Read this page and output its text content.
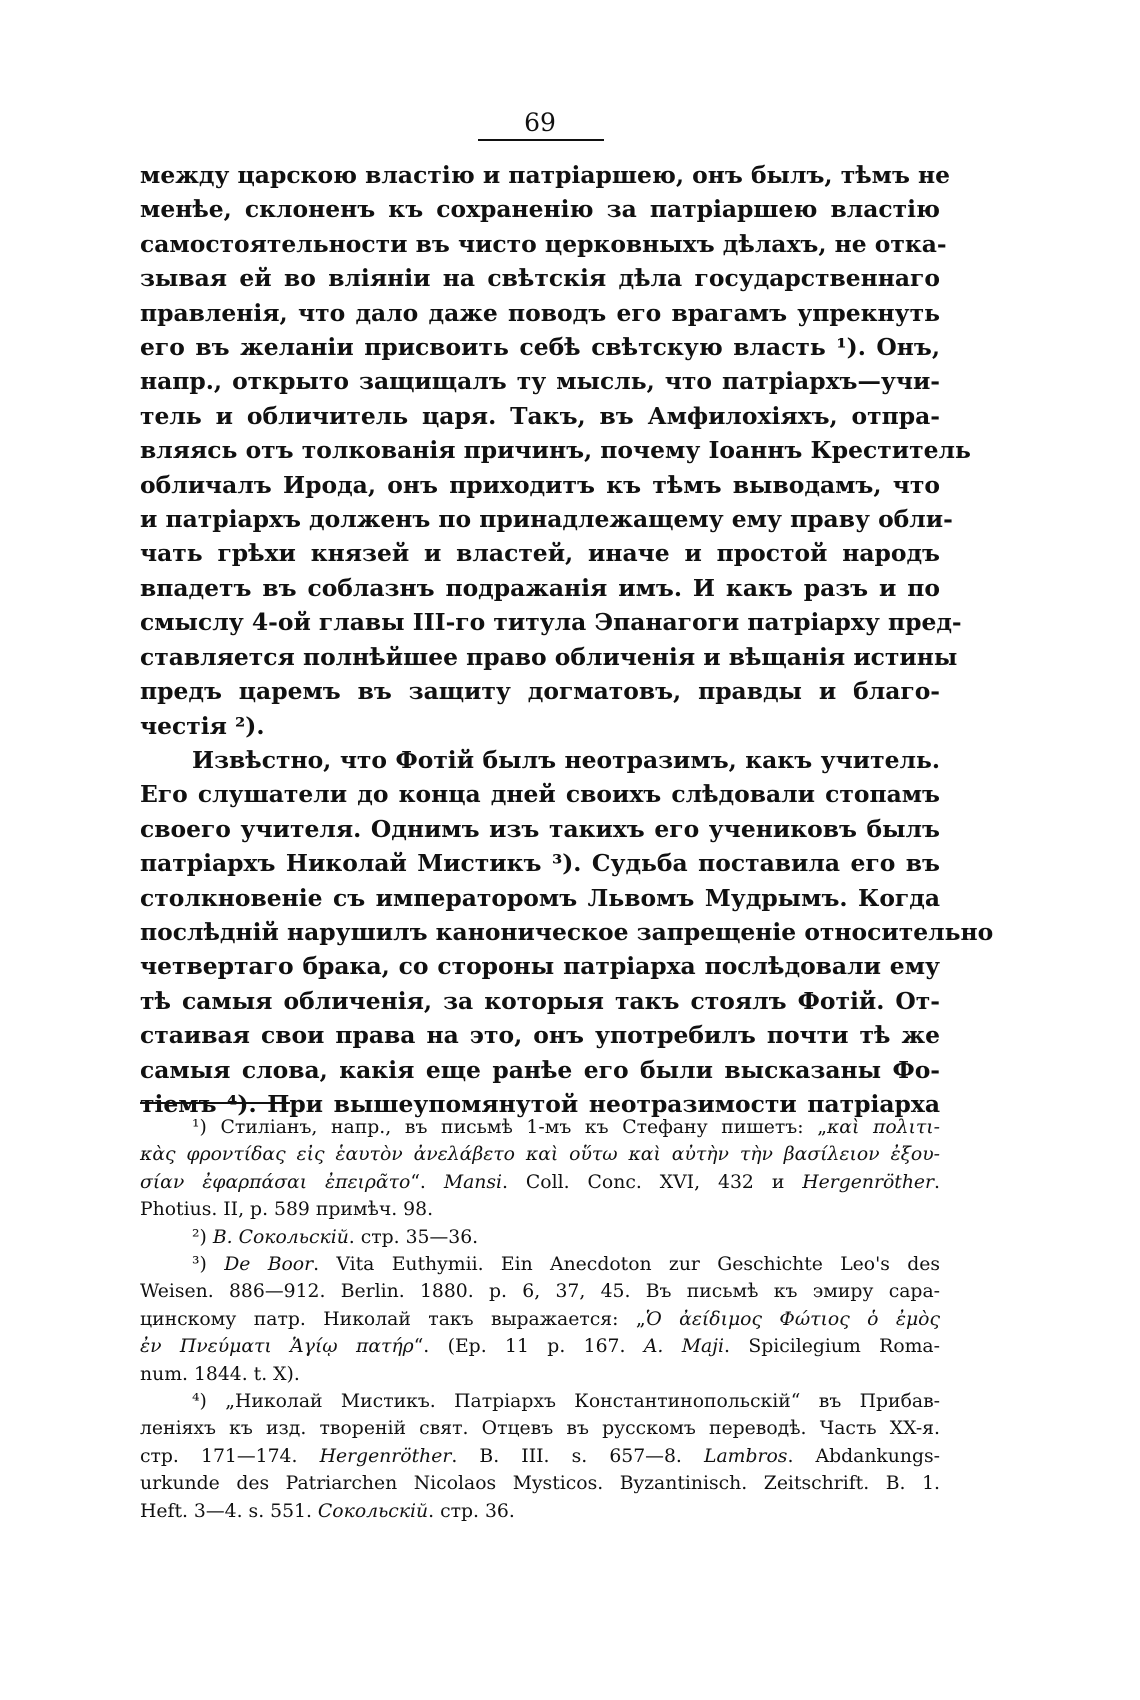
69
между царскою властію и патріаршею, онъ былъ, тѣмъ не
менѣе, склоненъ къ сохраненію за патріаршею властію
самостоятельности въ чисто церковныхъ дѣлахъ, не отка-
зывая ей во вліяніи на свѣтскія дѣла государственнаго
правленія, что дало даже поводъ его врагамъ упрекнуть
его въ желаніи присвоить себѣ свѣтскую власть ¹). Онъ,
напр., открыто защищалъ ту мысль, что патріархъ—учи-
тель и обличитель царя. Такъ, въ Амфилохіяхъ, отпра-
вляясь отъ толкованія причинъ, почему Іоаннъ Креститель
обличалъ Ирода, онъ приходитъ къ тѣмъ выводамъ, что
и патріархъ долженъ по принадлежащему ему праву обли-
чать грѣхи князей и властей, иначе и простой народъ
впадетъ въ соблазнъ подражанія имъ. И какъ разъ и по
смыслу 4-ой главы III-го титула Эпанагоги патріарху пред-
ставляется полнѣйшее право обличенія и вѣщанія истины
предъ царемъ въ защиту догматовъ, правды и благо-
честія ²).
Извѣстно, что Фотій былъ неотразимъ, какъ учитель.
Его слушатели до конца дней своихъ слѣдовали стопамъ
своего учителя. Однимъ изъ такихъ его учениковъ былъ
патріархъ Николай Мистикъ ³). Судьба поставила его въ
столкновеніе съ императоромъ Львомъ Мудрымъ. Когда
послѣдній нарушилъ каноническое запрещеніе относительно
четвертаго брака, со стороны патріарха послѣдовали ему
тѣ самыя обличенія, за которыя такъ стоялъ Фотій. От-
стаивая свои права на это, онъ употребилъ почти тѣ же
самыя слова, какія еще ранѣе его были высказаны Фо-
тіемъ ⁴). При вышеупомянутой неотразимости патріарха
¹) Стиліанъ, напр., въ письмѣ 1-мъ къ Стефану пишетъ: „καὶ πολιτι-
κὰς φροντίδας εἰς ἑαυτὸν ἀνελάβετο καὶ οὕτω καὶ αὐτὴν τὴν βασίλειον ἐξου-
σίαν ἐφαρπάσαι ἐπειρᾶτο“. Mansi. Coll. Conc. XVI, 432 и Hergenröther.
Photius. II, p. 589 примѣч. 98.
²) В. Сокольскій. стр. 35—36.
³) De Boor. Vita Euthymii. Ein Anecdoton zur Geschichte Leo's des
Weisen. 886—912. Berlin. 1880. p. 6, 37, 45. Въ письмѣ къ эмиру сара-
цинскому патр. Николай такъ выражается: „Ὁ ἀείδιμος Φώτιος ὁ ἐμὸς
ἐν Πνεύματι Ἁγίῳ πατήρ“. (Ер. 11 p. 167. A. Maji. Spicilegium Roma-
num. 1844. t. X).
⁴) „Николай Мистикъ. Патріархъ Константинопольскій“ въ Прибав-
леніяхъ къ изд. твореній свят. Отцевъ въ русскомъ переводѣ. Часть XX-я.
стр. 171—174. Hergenröther. B. III. s. 657—8. Lambros. Abdankungs-
urkunde des Patriarchen Nicolaos Mysticos. Byzantinisch. Zeitschrift. B. 1.
Heft. 3—4. s. 551. Сокольскій. стр. 36.
